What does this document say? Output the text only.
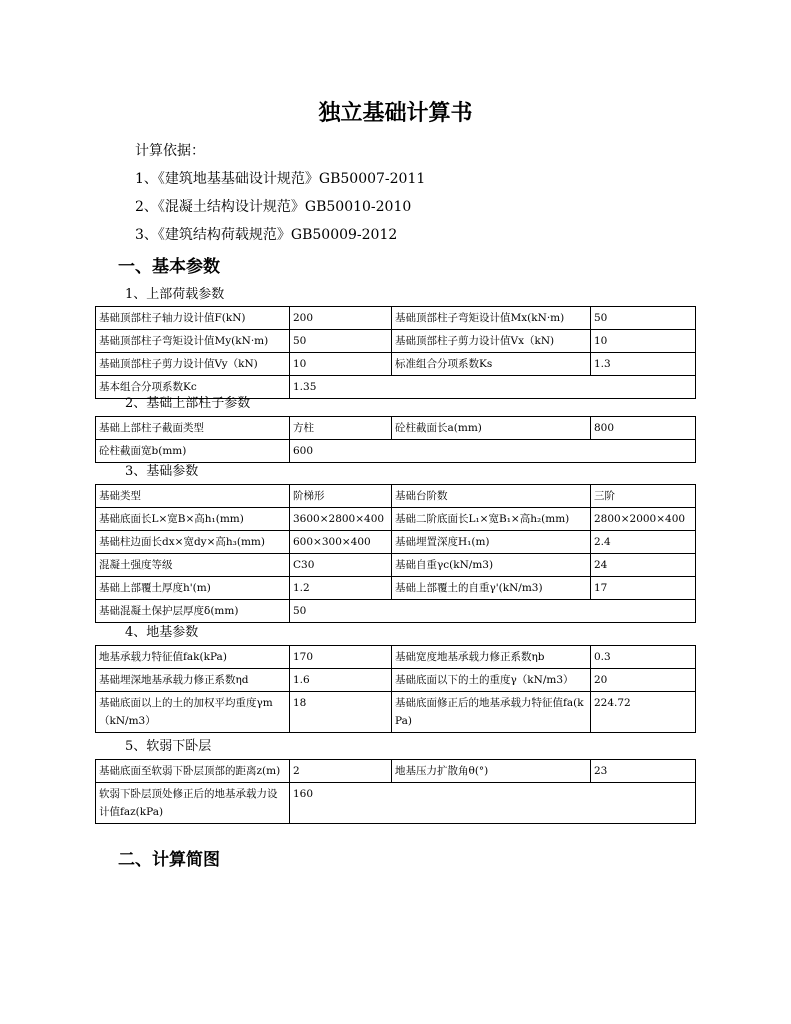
独立基础计算书
计算依据：
1、《建筑地基基础设计规范》GB50007-2011
2、《混凝土结构设计规范》GB50010-2010
3、《建筑结构荷载规范》GB50009-2012
一、基本参数
1、上部荷载参数
基础顶部柱子轴力设计值F(kN)	200	基础顶部柱子弯矩设计值Mx(kN·m)	50
基础顶部柱子弯矩设计值My(kN·m)	50	基础顶部柱子剪力设计值Vx（kN)	10
基础顶部柱子剪力设计值Vy（kN)	10	标准组合分项系数Ks	1.3
基本组合分项系数Kc	1.35		
2、基础上部柱子参数
基础上部柱子截面类型	方柱	砼柱截面长a(mm)	800
砼柱截面宽b(mm)	600		
3、基础参数
基础类型	阶梯形	基础台阶数	三阶
基础底面长L×宽B×高h₁(mm)	3600×2800×400	基础二阶底面长L₁×宽B₁×高h₂(mm)	2800×2000×400
基础柱边面长dx×宽dy×高h₃(mm)	600×300×400	基础埋置深度H₁(m)	2.4
混凝土强度等级	C30	基础自重γc(kN/m3)	24
基础上部覆土厚度h'(m)	1.2	基础上部覆土的自重γ'(kN/m3)	17
基础混凝土保护层厚度δ(mm)	50		
4、地基参数
地基承载力特征值fak(kPa)	170	基础宽度地基承载力修正系数ηb	0.3
基础埋深地基承载力修正系数ηd	1.6	基础底面以下的土的重度γ（kN/m3）	20
基础底面以上的土的加权平均重度γm（kN/m3）	18	基础底面修正后的地基承载力特征值fa(kPa)	224.72
5、软弱下卧层
基础底面至软弱下卧层顶部的距离z(m)	2	地基压力扩散角θ(°)	23
软弱下卧层顶处修正后的地基承载力设计值faz(kPa)	160		
二、计算简图
